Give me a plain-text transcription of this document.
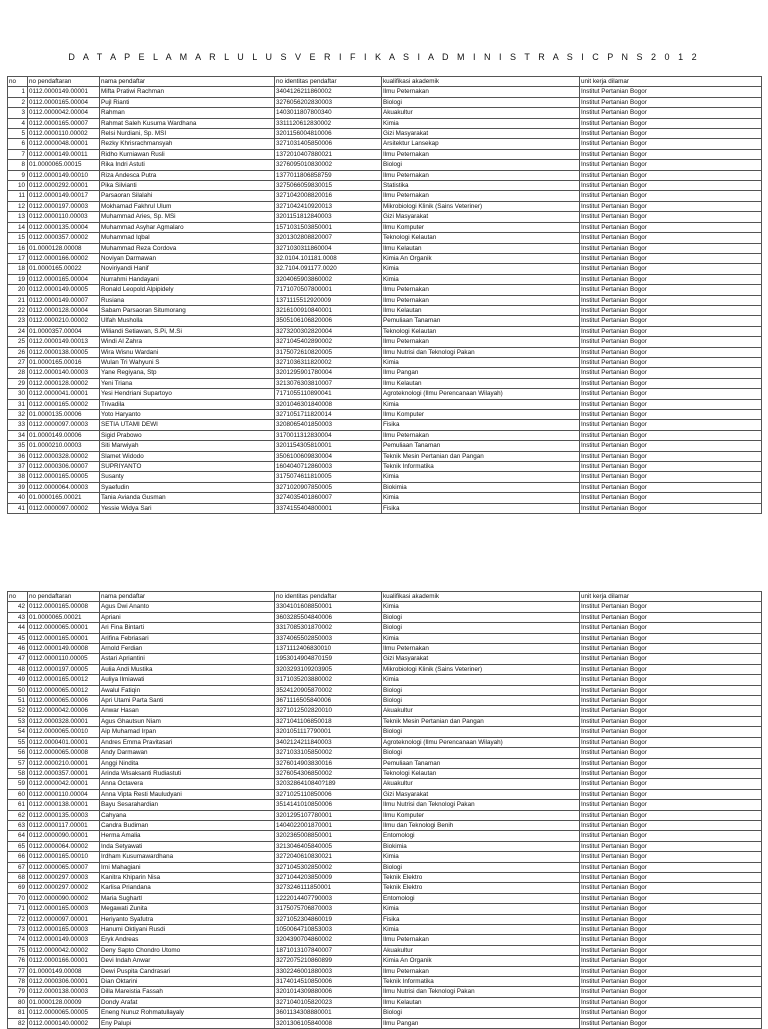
D A T A P E L A M A R L U L U S V E R I F I K A S I A D M I N I S T R A S I C P N S 2 0 1 2
no	no pendaftaran	nama pendaftar	no identitas pendaftar	kualifikasi akademik	unit kerja dilamar
1	0112.0000149.00001	Mifta Pratiwi Rachman	3404126211860002	Ilmu Peternakan	Institut Pertanian Bogor
2	0112.0000165.00004	Pujl Rianti	3276056202830003	Biologi	Institut Pertanian Bogor
3	0112.0000042.00004	Rahman	1403011807800340	Akuakultur	Institut Pertanian Bogor
4	0112.0000165.00007	Rahmat Saleh Kusuma Wardhana	3311120612830002	Kimia	Institut Pertanian Bogor
5	0112.0000110.00002	Relsi Nurdiani, Sp. MSI	3201156004810006	Gizi Masyarakat	Institut Pertanian Bogor
6	0112.0000048.00001	Rezky Khrisrachmansyah	3271031405850006	Arsitektur Lansekap	Institut Pertanian Bogor
7	0112.0000149.00011	Ridho Kurniawan Rusli	1372010407880021	Ilmu Peternakan	Institut Pertanian Bogor
8	01.0000065.00015	Rika Indri Astuti	3276095010830002	Biologi	Institut Pertanian Bogor
9	0112.0000149.00010	Riza Andesca Putra	1377011806858759	Ilmu Peternakan	Institut Pertanian Bogor
10	0112.0000292.00001	Pika Silvianti	3275066059830015	Statistika	Institut Pertanian Bogor
11	0112.0000149.00017	Parsaoran Silalahi	3271042008820016	Ilmu Peternakan	Institut Pertanian Bogor
12	0112.0000197.00003	Mokhamad Fakhrul Ulum	3271042410920013	Mikrobiologi Klinik (Sains Veteriner)	Institut Pertanian Bogor
13	0112.0000110.00003	Muhammad Aries, Sp. MSi	3201151812840003	Gizi Masyarakat	Institut Pertanian Bogor
14	0112.0000135.00004	Muhammad Asyhar Agmalaro	1571031503850001	Ilmu Komputer	Institut Pertanian Bogor
15	0112.0000357.00002	Muhammad Iqbal	3201302808820007	Teknologi Kelautan	Institut Pertanian Bogor
16	01.0000128.00008	Muhammad Reza Cordova	3271030311860004	Ilmu Kelautan	Institut Pertanian Bogor
17	0112.0000166.00002	Noviyan Darmawan	32.0104.101181.0008	Kimia An Organik	Institut Pertanian Bogor
18	01.0000165.00022	Noviriyandi Hanif	32.7104.091177.0020	Kimia	Institut Pertanian Bogor
19	0112.0000165.00004	Nurrahmi Handayani	3204065903860002	Kimia	Institut Pertanian Bogor
20	0112.0000149.00005	Ronald Leopold Alpipidely	7171070507800001	Ilmu Peternakan	Institut Pertanian Bogor
21	0112.0000149.00007	Rusiana	1371115512920009	Ilmu Peternakan	Institut Pertanian Bogor
22	0112.0000128.00004	Sabam Parsaoran Situmorang	3216100910840001	Ilmu Kelautan	Institut Pertanian Bogor
23	0112.0000210.00002	Ulfah Musholla	3505106106820006	Pemuliaan Tanaman	Institut Pertanian Bogor
24	01.0000357.00004	Wiliandi Setiawan, S.Pi, M.Si	3273200302820004	Teknologi Kelautan	Institut Pertanian Bogor
25	0112.0000149.00013	Windi Al Zahra	3271045402890002	Ilmu Peternakan	Institut Pertanian Bogor
26	0112.0000138.00005	Wira Wisnu Wardani	3175072610820005	Ilmu Nutrisi dan Teknologi Pakan	Institut Pertanian Bogor
27	01.0000165.00016	Wulan Tri Wahyuni S	3271036311820002	Kimia	Institut Pertanian Bogor
28	0112.0000140.00003	Yane Regiyana, Stp	3201295901780004	Ilmu Pangan	Institut Pertanian Bogor
29	0112.0000128.00002	Yeni Triana	3213076303810007	Ilmu Kelautan	Institut Pertanian Bogor
30	0112.0000041.00001	Yesi Hendriani Supartoyo	7171055110890041	Agroteknologi (Ilmu Perencanaan Wilayah)	Institut Pertanian Bogor
31	0112.0000165.00002	Trivadila	3201046301840008	Kimia	Institut Pertanian Bogor
32	01.0000135.00006	Yoto Haryanto	3271051711820014	Ilmu Komputer	Institut Pertanian Bogor
33	0112.0000097.00003	SETIA UTAMI DEWI	3208065401850003	Fisika	Institut Pertanian Bogor
34	01.0000149.00006	Sigid Prabowo	3170011312830004	Ilmu Peternakan	Institut Pertanian Bogor
35	01.0000210.00003	Siti Marwiyah	3201154305810001	Pemuliaan Tanaman	Institut Pertanian Bogor
36	0112.0000328.00002	Slamet Widodo	3506100609830004	Teknik Mesin Pertanian dan Pangan	Institut Pertanian Bogor
37	0112.0000306.00007	SUPRIYANTO	1604040712860003	Teknik Informatika	Institut Pertanian Bogor
38	0112.0000165.00005	Susanty	3175074611810005	Kimia	Institut Pertanian Bogor
39	0112.0000064.00003	Syaefudin	3271020907850005	Biokimia	Institut Pertanian Bogor
40	01.0000165.00021	Tania Avianda Gusman	3274035401860007	Kimia	Institut Pertanian Bogor
41	0112.0000097.00002	Yessie Widya Sari	3374155404800001	Fisika	Institut Pertanian Bogor
no	no pendaftaran	nama pendaftar	no identitas pendaftar	kualifikasi akademik	unit kerja dilamar
42	0112.0000165.00008	Agus Dwi Ananto	3304101608850001	Kimia	Institut Pertanian Bogor
43	01.0000065.00021	Apriani	3603285504840006	Biologi	Institut Pertanian Bogor
44	0112.0000065.00001	Ari Fina Bintarti	3317085301870002	Biologi	Institut Pertanian Bogor
45	0112.0000165.00001	Arifina Febriasari	3374065502850003	Kimia	Institut Pertanian Bogor
46	0112.0000149.00008	Arnold Ferdian	1371112406830010	Ilmu Peternakan	Institut Pertanian Bogor
47	0112.0000110.00005	Astari Apriantini	1953014904870159	Gizi Masyarakat	Institut Pertanian Bogor
48	0112.0000197.00005	Aulia Andi Mustika	3203293109203905	Mikrobiologi Klinik (Sains Veteriner)	Institut Pertanian Bogor
49	0112.0000165.00012	Auliya Ilmiawati	3171035203880002	Kimia	Institut Pertanian Bogor
50	0112.0000065.00012	Awalul Fatiqin	3524120905870002	Biologi	Institut Pertanian Bogor
51	0112.0000065.00006	Apri Utami Parta Santi	3671116505840006	Biologi	Institut Pertanian Bogor
52	0112.0000042.00006	Anwar Hasan	3271012502820010	Akuakultur	Institut Pertanian Bogor
53	0112.0000328.00001	Agus Ghautsun Niam	3271041106850018	Teknik Mesin Pertanian dan Pangan	Institut Pertanian Bogor
54	0112.0000065.00010	Aip Muhamad Irpan	3201051117790001	Biologi	Institut Pertanian Bogor
55	0112.0000401.00001	Andres Emma Pravitasari	3402124211840003	Agroteknologi (Ilmu Perencanaan Wilayah)	Institut Pertanian Bogor
56	0112.0000065.00008	Andy Darmawan	3271033105850002	Biologi	Institut Pertanian Bogor
57	0112.0000210.00001	Anggi Nindita	3276014903830016	Pemuliaan Tanaman	Institut Pertanian Bogor
58	0112.0000357.00001	Arinda Wisaksanti Rudiastuti	3276054306850002	Teknologi Kelautan	Institut Pertanian Bogor
59	0112.0000042.00001	Anna Octavera	3203286410840?189	Akuakultur	Institut Pertanian Bogor
60	0112.0000110.00004	Anna Vipta Resti Mauludyani	3271025110850006	Gizi Masyarakat	Institut Pertanian Bogor
61	0112.0000138.00001	Bayu Sesarahardian	3514141010850006	Ilmu Nutrisi dan Teknologi Pakan	Institut Pertanian Bogor
62	0112.0000135.00003	Cahyana	3201295107780001	Ilmu Komputer	Institut Pertanian Bogor
63	0112.0000117.00001	Candra Budiman	1404022001870001	Ilmu dan Teknologi Benih	Institut Pertanian Bogor
64	0112.0000090.00001	Herma Amalia	3202365008850001	Entomologi	Institut Pertanian Bogor
65	0112.0000064.00002	Inda Setyawati	3213046405840005	Biokimia	Institut Pertanian Bogor
66	0112.0000165.00010	Irdham Kusumawardhana	3272040610830021	Kimia	Institut Pertanian Bogor
67	0112.0000065.00007	Irni Mahagiani	3271045302850002	Biologi	Institut Pertanian Bogor
68	0112.0000297.00003	Kanitra Khiparin Nisa	3271044203850009	Teknik Elektro	Institut Pertanian Bogor
69	0112.0000297.00002	Karlisa Priandana	3273246111850001	Teknik Elektro	Institut Pertanian Bogor
70	0112.0000090.00002	Maria Sughartl	1222014407790003	Entomologi	Institut Pertanian Bogor
71	0112.0000165.00003	Megawati Zunita	3175075706870003	Kimia	Institut Pertanian Bogor
72	0112.0000097.00001	Heriyanto Syafutra	3271052304860019	Fisika	Institut Pertanian Bogor
73	0112.0000165.00003	Hanumi Oktiyani Rusdi	1050064710853003	Kimia	Institut Pertanian Bogor
74	0112.0000149.00003	Eryk Andreas	3204390704860002	Ilmu Peternakan	Institut Pertanian Bogor
75	0112.0000042.00002	Deny Sapto Chondro Utomo	1871013107840007	Akuakultur	Institut Pertanian Bogor
76	0112.0000166.00001	Devi Indah Anwar	3272075210860899	Kimia An Organik	Institut Pertanian Bogor
77	01.0000149.00008	Dewi Puspita Candrasari	3302246001880003	Ilmu Peternakan	Institut Pertanian Bogor
78	0112.0000306.00001	Dian Oktarini	3174014510850006	Teknik Informatika	Institut Pertanian Bogor
79	0112.0000138.00003	Dilla Mareistia Fassah	3201014309880006	Ilmu Nutrisi dan Teknologi Pakan	Institut Pertanian Bogor
80	01.0000128.00009	Dondy Arafat	3271040105820023	Ilmu Kelautan	Institut Pertanian Bogor
81	0112.0000065.00005	Eneng Nunuz Rohmatullayaly	3601134308880001	Biologi	Institut Pertanian Bogor
82	0112.0000140.00002	Eny Palupi	3201306105840008	Ilmu Pangan	Institut Pertanian Bogor
